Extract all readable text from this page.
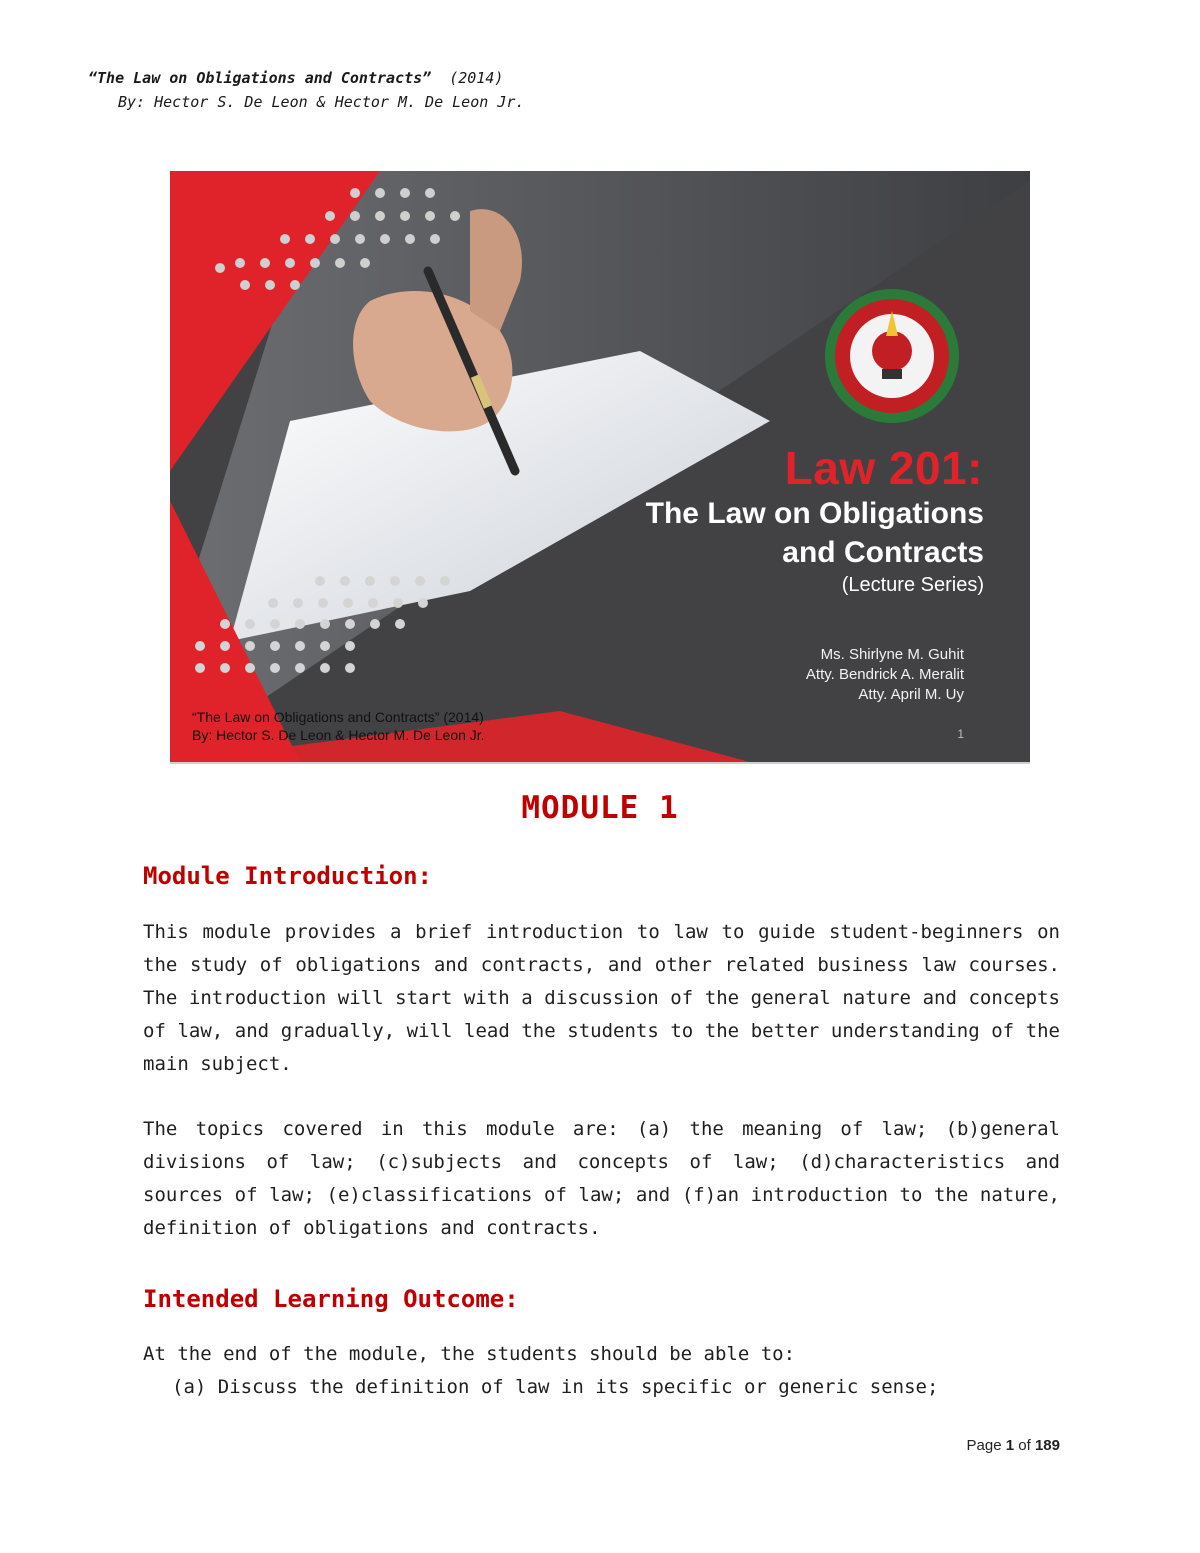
“The Law on Obligations and Contracts” (2014)
By: Hector S. De Leon & Hector M. De Leon Jr.
Law 201:
The Law on Obligations
and Contracts
(Lecture Series)
Ms. Shirlyne M. Guhit
Atty. Bendrick A. Meralit
Atty. April M. Uy
“The Law on Obligations and Contracts” (2014)
By: Hector S. De Leon & Hector M. De Leon Jr.	1
MODULE 1
Module Introduction:
This module provides a brief introduction to law to guide student-beginners on the study of obligations and contracts, and other related business law courses. The introduction will start with a discussion of the general nature and concepts of law, and gradually, will lead the students to the better understanding of the main subject.
The topics covered in this module are: (a) the meaning of law; (b)general divisions of law; (c)subjects and concepts of law; (d)characteristics and sources of law; (e)classifications of law; and (f)an introduction to the nature, definition of obligations and contracts.
Intended Learning Outcome:
At the end of the module, the students should be able to:
(a) Discuss the definition of law in its specific or generic sense;
Page 1 of 189
